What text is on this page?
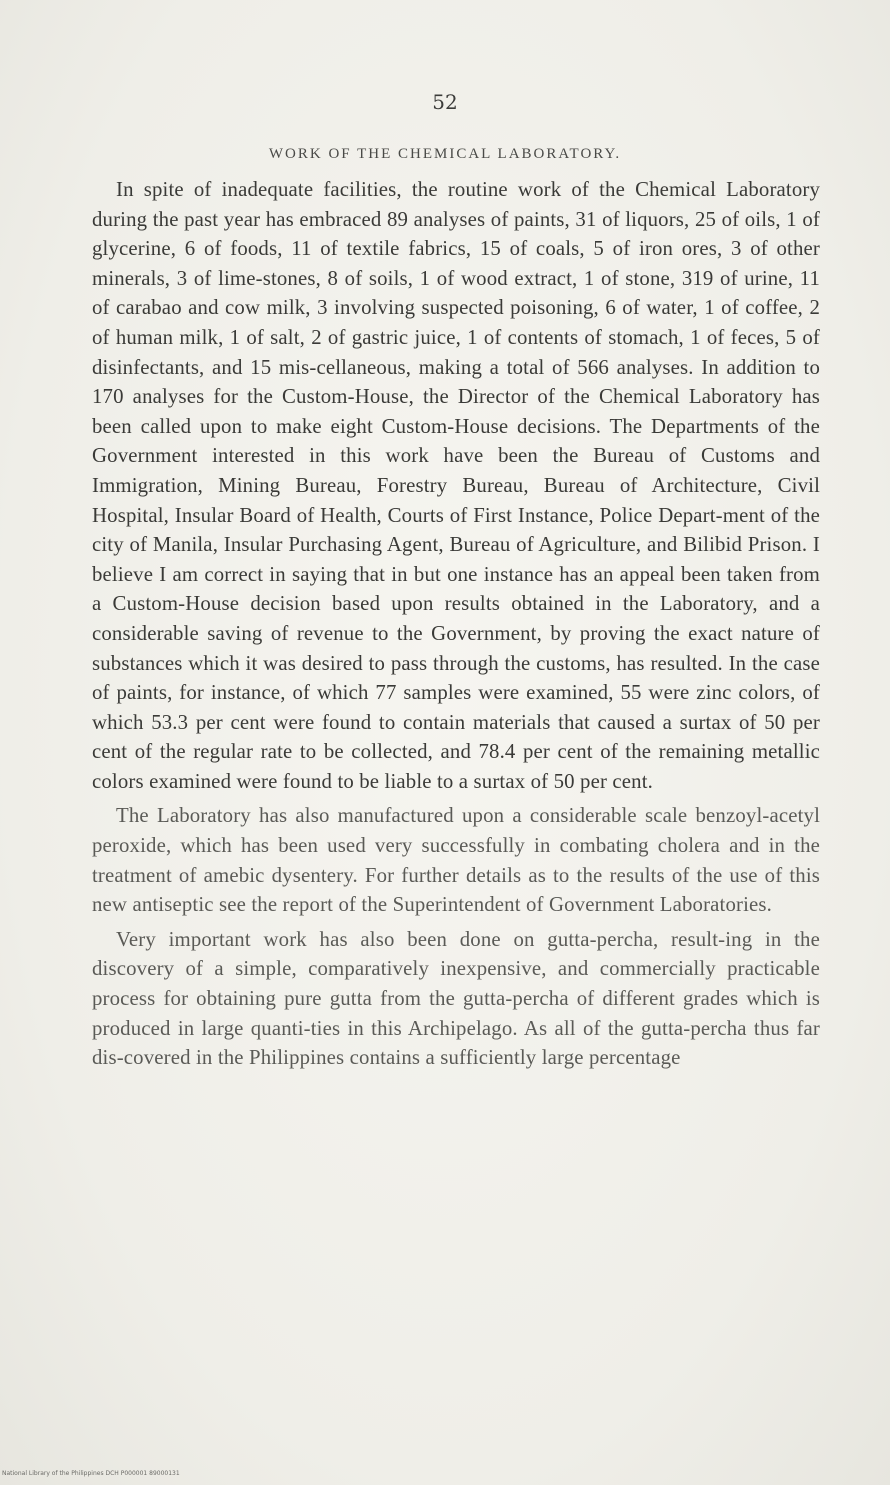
52
WORK OF THE CHEMICAL LABORATORY.

In spite of inadequate facilities, the routine work of the Chemical Laboratory during the past year has embraced 89 analyses of paints, 31 of liquors, 25 of oils, 1 of glycerine, 6 of foods, 11 of textile fabrics, 15 of coals, 5 of iron ores, 3 of other minerals, 3 of lime-stones, 8 of soils, 1 of wood extract, 1 of stone, 319 of urine, 11 of carabao and cow milk, 3 involving suspected poisoning, 6 of water, 1 of coffee, 2 of human milk, 1 of salt, 2 of gastric juice, 1 of contents of stomach, 1 of feces, 5 of disinfectants, and 15 mis-cellaneous, making a total of 566 analyses. In addition to 170 analyses for the Custom-House, the Director of the Chemical Laboratory has been called upon to make eight Custom-House decisions. The Departments of the Government interested in this work have been the Bureau of Customs and Immigration, Mining Bureau, Forestry Bureau, Bureau of Architecture, Civil Hospital, Insular Board of Health, Courts of First Instance, Police Depart-ment of the city of Manila, Insular Purchasing Agent, Bureau of Agriculture, and Bilibid Prison. I believe I am correct in saying that in but one instance has an appeal been taken from a Custom-House decision based upon results obtained in the Laboratory, and a considerable saving of revenue to the Government, by proving the exact nature of substances which it was desired to pass through the customs, has resulted. In the case of paints, for instance, of which 77 samples were examined, 55 were zinc colors, of which 53.3 per cent were found to contain materials that caused a surtax of 50 per cent of the regular rate to be collected, and 78.4 per cent of the remaining metallic colors examined were found to be liable to a surtax of 50 per cent.

The Laboratory has also manufactured upon a considerable scale benzoyl-acetyl peroxide, which has been used very successfully in combating cholera and in the treatment of amebic dysentery. For further details as to the results of the use of this new antiseptic see the report of the Superintendent of Government Laboratories.

Very important work has also been done on gutta-percha, result-ing in the discovery of a simple, comparatively inexpensive, and commercially practicable process for obtaining pure gutta from the gutta-percha of different grades which is produced in large quanti-ties in this Archipelago. As all of the gutta-percha thus far dis-covered in the Philippines contains a sufficiently large percentage

National Library of the Philippines DCH P000001 89000131
